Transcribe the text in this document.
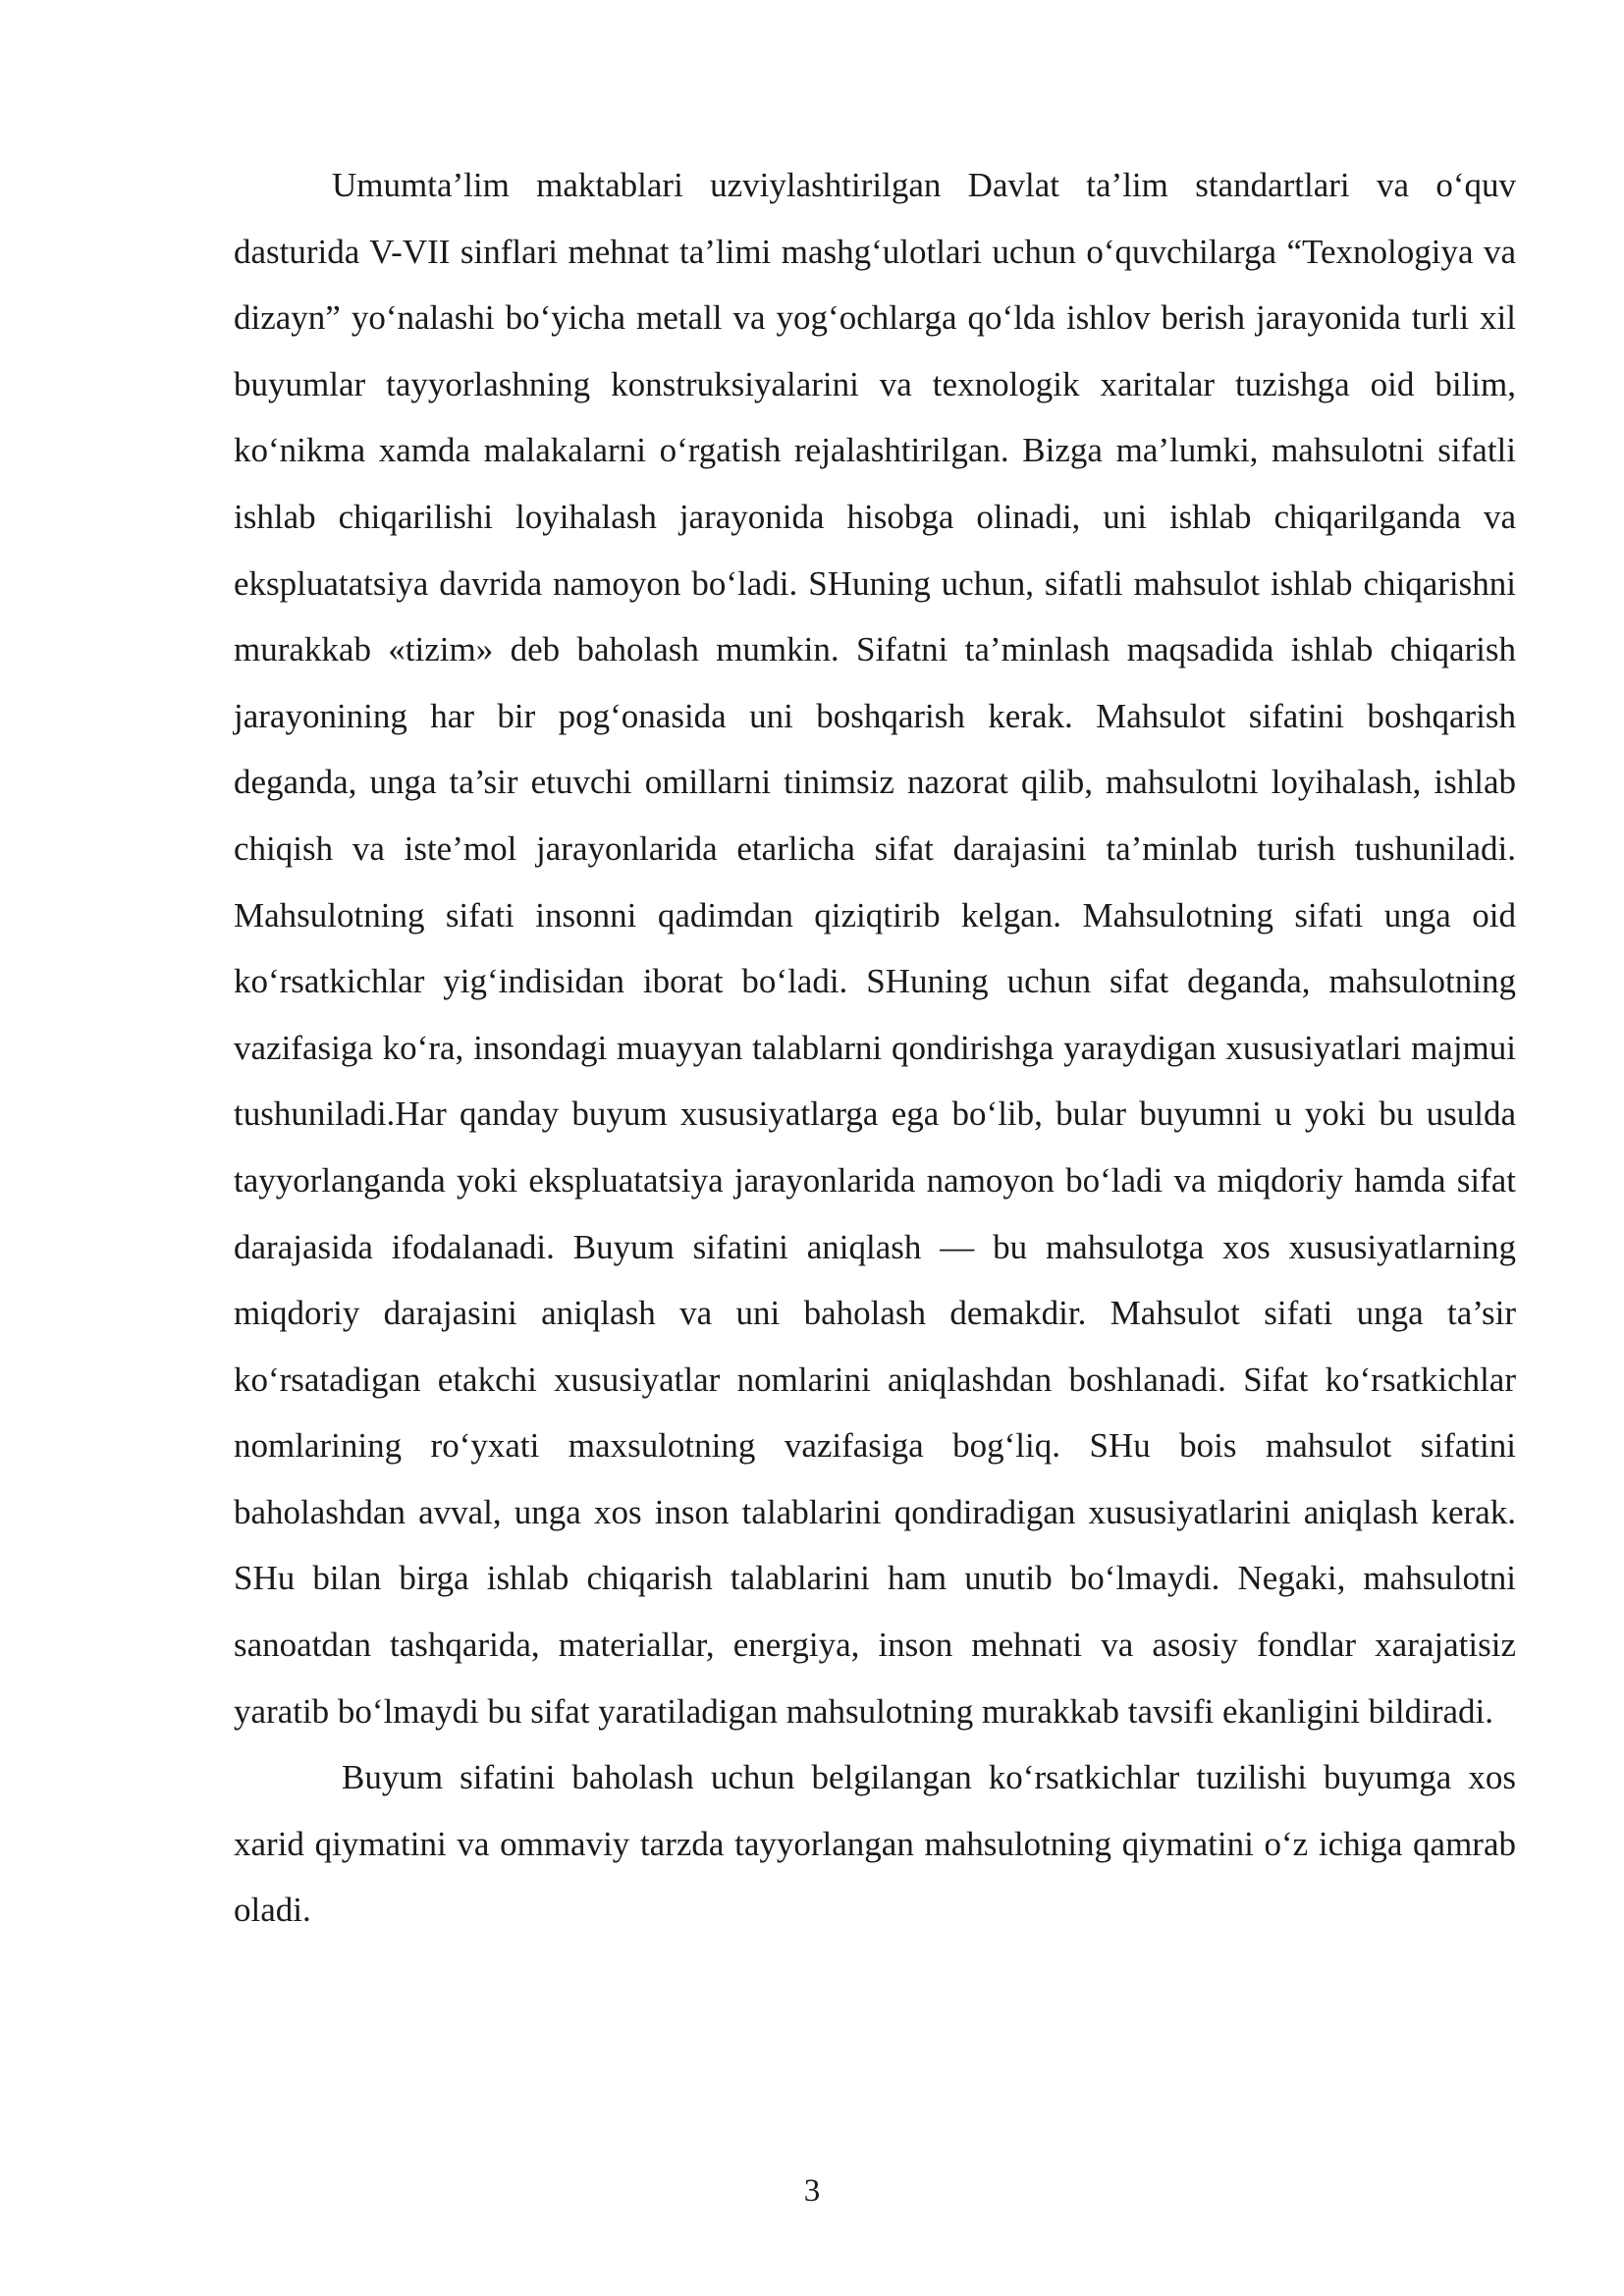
Umumta’lim maktablari uzviylashtirilgan Davlat ta’lim standartlari va o‘quv dasturida V-VII sinflari mehnat ta’limi mashg‘ulotlari uchun o‘quvchilarga “Texnologiya va dizayn” yo‘nalashi bo‘yicha metall va yog‘ochlarga qo‘lda ishlov berish jarayonida turli xil buyumlar tayyorlashning konstruksiyalarini va texnologik xaritalar tuzishga oid bilim, ko‘nikma xamda malakalarni o‘rgatish rejalashtirilgan. Bizga ma’lumki, mahsulotni sifatli ishlab chiqarilishi loyihalash jarayonida hisobga olinadi, uni ishlab chiqarilganda va ekspluatatsiya davrida namoyon bo‘ladi. SHuning uchun, sifatli mahsulot ishlab chiqarishni murakkab «tizim» deb baholash mumkin. Sifatni ta’minlash maqsadida ishlab chiqarish jarayonining har bir pog‘onasida uni boshqarish kerak. Mahsulot sifatini boshqarish deganda, unga ta’sir etuvchi omillarni tinimsiz nazorat qilib, mahsulotni loyihalash, ishlab chiqish va iste’mol jarayonlarida etarlicha sifat darajasini ta’minlab turish tushuniladi. Mahsulotning sifati insonni qadimdan qiziqtirib kelgan. Mahsulotning sifati unga oid ko‘rsatkichlar yig‘indisidan iborat bo‘ladi. SHuning uchun sifat deganda, mahsulotning vazifasiga ko‘ra, insondagi muayyan talablarni qondirishga yaraydigan xususiyatlari majmui tushuniladi.Har qanday buyum xususiyatlarga ega bo‘lib, bular buyumni u yoki bu usulda tayyorlanganda yoki ekspluatatsiya jarayonlarida namoyon bo‘ladi va miqdoriy hamda sifat darajasida ifodalanadi. Buyum sifatini aniqlash — bu mahsulotga xos xususiyatlarning miqdoriy darajasini aniqlash va uni baholash demakdir. Mahsulot sifati unga ta’sir ko‘rsatadigan etakchi xususiyatlar nomlarini aniqlashdan boshlanadi. Sifat ko‘rsatkichlar nomlarining ro‘yxati maxsulotning vazifasiga bog‘liq. SHu bois mahsulot sifatini baholashdan avval, unga xos inson talablarini qondiradigan xususiyatlarini aniqlash kerak. SHu bilan birga ishlab chiqarish talablarini ham unutib bo‘lmaydi. Negaki, mahsulotni sanoatdan tashqarida, materiallar, energiya, inson mehnati va asosiy fondlar xarajatisiz yaratib bo‘lmaydi bu sifat yaratiladigan mahsulotning murakkab tavsifi ekanligini bildiradi.

Buyum sifatini baholash uchun belgilangan ko‘rsatkichlar tuzilishi buyumga xos xarid qiymatini va ommaviy tarzda tayyorlangan mahsulotning qiymatini o‘z ichiga qamrab oladi.

3
